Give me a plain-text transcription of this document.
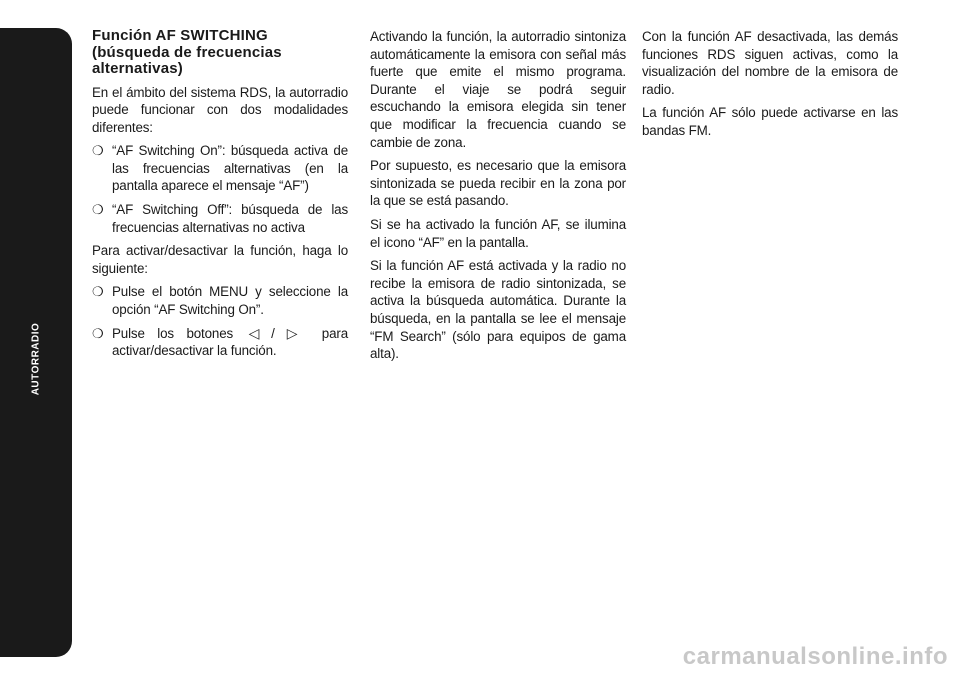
AUTORRADIO
262
Función AF SWITCHING (búsqueda de frecuencias alternativas)

En el ámbito del sistema RDS, la autorradio puede funcionar con dos modalidades diferentes:

❍ “AF Switching On”: búsqueda activa de las frecuencias alternativas (en la pantalla aparece el mensaje “AF”)
❍ “AF Switching Off”: búsqueda de las frecuencias alternativas no activa

Para activar/desactivar la función, haga lo siguiente:

❍ Pulse el botón MENU y seleccione la opción “AF Switching On”.
❍ Pulse los botones ◁ / ▷ para activar/desactivar la función.

Activando la función, la autorradio sintoniza automáticamente la emisora con señal más fuerte que emite el mismo programa. Durante el viaje se podrá seguir escuchando la emisora elegida sin tener que modificar la frecuencia cuando se cambie de zona.

Por supuesto, es necesario que la emisora sintonizada se pueda recibir en la zona por la que se está pasando.

Si se ha activado la función AF, se ilumina el icono “AF” en la pantalla.

Si la función AF está activada y la radio no recibe la emisora de radio sintonizada, se activa la búsqueda automática. Durante la búsqueda, en la pantalla se lee el mensaje “FM Search” (sólo para equipos de gama alta).

Con la función AF desactivada, las demás funciones RDS siguen activas, como la visualización del nombre de la emisora de radio.

La función AF sólo puede activarse en las bandas FM.

carmanualsonline.info
